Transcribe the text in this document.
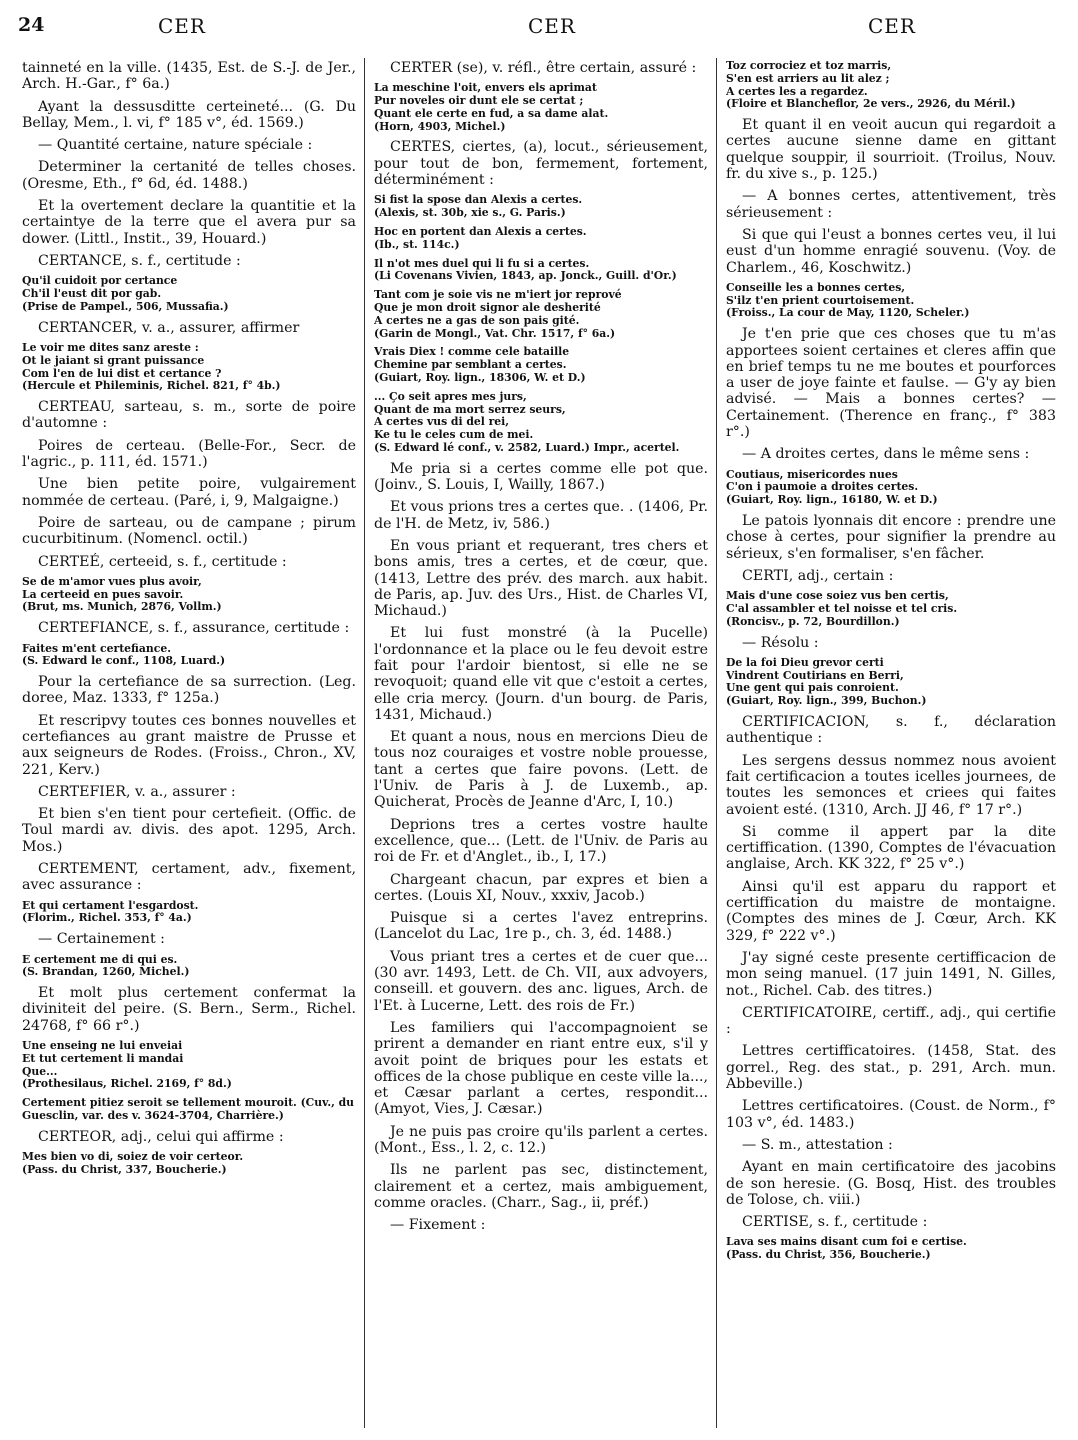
24	CER	CER	CER

tainneté en la ville. (1435, Est. de S.-J. de Jer., Arch. H.-Gar., f° 6a.)

Ayant la dessusditte certeineté... (G. Du Bellay, Mem., l. vi, f° 185 v°, éd. 1569.)

— Quantité certaine, nature spéciale :

Determiner la certanité de telles choses. (Oresme, Eth., f° 6d, éd. 1488.)

Et la overtement declare la quantitie et la certaintye de la terre que el avera pur sa dower. (Littl., Instit., 39, Houard.)

CERTANCE, s. f., certitude :

Qu'il cuidoit por certance
Ch'il l'eust dit por gab.
(Prise de Pampel., 506, Mussafia.)

CERTANCER, v. a., assurer, affirmer

Le voir me dites sanz areste :
Ot le jaiant si grant puissance
Com l'en de lui dist et certance ?
(Hercule et Phileminis, Richel. 821, f° 4b.)

CERTEAU, sarteau, s. m., sorte de poire d'automne :

Poires de certeau. (Belle-For., Secr. de l'agric., p. 111, éd. 1571.)

Une bien petite poire, vulgairement nommée de certeau. (Paré, i, 9, Malgaigne.)

Poire de sarteau, ou de campane ; pirum cucurbitinum. (Nomencl. octil.)

CERTEÉ, certeeid, s. f., certitude :

Se de m'amor vues plus avoir,
La certeeid en pues savoir.
(Brut, ms. Munich, 2876, Vollm.)

CERTEFIANCE, s. f., assurance, certitude :

Faites m'ent certefiance.
(S. Edward le conf., 1108, Luard.)

Pour la certefiance de sa surrection. (Leg. doree, Maz. 1333, f° 125a.)

Et rescripvy toutes ces bonnes nouvelles et certefiances au grant maistre de Prusse et aux seigneurs de Rodes. (Froiss., Chron., XV, 221, Kerv.)

CERTEFIER, v. a., assurer :

Et bien s'en tient pour certefieit. (Offic. de Toul mardi av. divis. des apot. 1295, Arch. Mos.)

CERTEMENT, certament, adv., fixement, avec assurance :

Et qui certament l'esgardost.
(Florim., Richel. 353, f° 4a.)

— Certainement :

E certement me di qui es.
(S. Brandan, 1260, Michel.)

Et molt plus certement confermat la diviniteit del peire. (S. Bern., Serm., Richel. 24768, f° 66 r°.)

Une enseing ne lui enveiai
Et tut certement li mandai
Que...
(Prothesilaus, Richel. 2169, f° 8d.)

Certement pitiez seroit se tellement mouroit. (Cuv., du Guesclin, var. des v. 3624-3704, Charrière.)

CERTEOR, adj., celui qui affirme :

Mes bien vo di, soiez de voir certeor.
(Pass. du Christ, 337, Boucherie.)

CERTER (se), v. réfl., être certain, assuré :

La meschine l'oit, envers els aprimat
Pur noveles oir dunt ele se certat ;
Quant ele certe en fud, a sa dame alat.
(Horn, 4903, Michel.)

CERTES, ciertes, (a), locut., sérieusement, pour tout de bon, fermement, fortement, déterminément :

Si fist la spose dan Alexis a certes.
(Alexis, st. 30b, xie s., G. Paris.)

Hoc en portent dan Alexis a certes.
(Ib., st. 114c.)

Il n'ot mes duel qui li fu si a certes.
(Li Covenans Vivien, 1843, ap. Jonck., Guill. d'Or.)

Tant com je soie vis ne m'iert jor reprové
Que je mon droit signor ale desherité
A certes ne a gas de son pais gité.
(Garin de Mongl., Vat. Chr. 1517, f° 6a.)

Vrais Diex ! comme cele bataille
Chemine par semblant a certes.
(Guiart, Roy. lign., 18306, W. et D.)

... Ço seit apres mes jurs,
Quant de ma mort serrez seurs,
A certes vus di del rei,
Ke tu le celes cum de mei.
(S. Edward lé conf., v. 2582, Luard.) Impr., acertel.

Me pria si a certes comme elle pot que. (Joinv., S. Louis, I, Wailly, 1867.)

Et vous prions tres a certes que. . (1406, Pr. de l'H. de Metz, iv, 586.)

En vous priant et requerant, tres chers et bons amis, tres a certes, et de cœur, que. (1413, Lettre des prév. des march. aux habit. de Paris, ap. Juv. des Urs., Hist. de Charles VI, Michaud.)

Et lui fust monstré (à la Pucelle) l'ordonnance et la place ou le feu devoit estre fait pour l'ardoir bientost, si elle ne se revoquoit; quand elle vit que c'estoit a certes, elle cria mercy. (Journ. d'un bourg. de Paris, 1431, Michaud.)

Et quant a nous, nous en mercions Dieu de tous noz couraiges et vostre noble prouesse, tant a certes que faire povons. (Lett. de l'Univ. de Paris à J. de Luxemb., ap. Quicherat, Procès de Jeanne d'Arc, I, 10.)

Deprions tres a certes vostre haulte excellence, que... (Lett. de l'Univ. de Paris au roi de Fr. et d'Anglet., ib., I, 17.)

Chargeant chacun, par expres et bien a certes. (Louis XI, Nouv., xxxiv, Jacob.)

Puisque si a certes l'avez entreprins. (Lancelot du Lac, 1re p., ch. 3, éd. 1488.)

Vous priant tres a certes et de cuer que... (30 avr. 1493, Lett. de Ch. VII, aux advoyers, conseill. et gouvern. des anc. ligues, Arch. de l'Et. à Lucerne, Lett. des rois de Fr.)

Les familiers qui l'accompagnoient se prirent a demander en riant entre eux, s'il y avoit point de briques pour les estats et offices de la chose publique en ceste ville la..., et Cæsar parlant a certes, respondit... (Amyot, Vies, J. Cæsar.)

Je ne puis pas croire qu'ils parlent a certes. (Mont., Ess., l. 2, c. 12.)

Ils ne parlent pas sec, distinctement, clairement et a certez, mais ambiguement, comme oracles. (Charr., Sag., ii, préf.)

— Fixement :

Toz corrociez et toz marris,
S'en est arriers au lit alez ;
A certes les a regardez.
(Floire et Blancheflor, 2e vers., 2926, du Méril.)

Et quant il en veoit aucun qui regardoit a certes aucune sienne dame en gittant quelque souppir, il sourrioit. (Troilus, Nouv. fr. du xive s., p. 125.)

— A bonnes certes, attentivement, très sérieusement :

Si que qui l'eust a bonnes certes veu, il lui eust d'un homme enragié souvenu. (Voy. de Charlem., 46, Koschwitz.)

Conseille les a bonnes certes,
S'ilz t'en prient courtoisement.
(Froiss., La cour de May, 1120, Scheler.)

Je t'en prie que ces choses que tu m'as apportees soient certaines et cleres affin que en brief temps tu ne me boutes et pourforces a user de joye fainte et faulse. — G'y ay bien advisé. — Mais a bonnes certes? — Certainement. (Therence en franç., f° 383 r°.)

— A droites certes, dans le même sens :

Coutiaus, misericordes nues
C'on i paumoie a droites certes.
(Guiart, Roy. lign., 16180, W. et D.)

Le patois lyonnais dit encore : prendre une chose à certes, pour signifier la prendre au sérieux, s'en formaliser, s'en fâcher.

CERTI, adj., certain :

Mais d'une cose soiez vus ben certis,
C'al assambler et tel noisse et tel cris.
(Roncisv., p. 72, Bourdillon.)

— Résolu :

De la foi Dieu grevor certi
Vindrent Coutirians en Berri,
Une gent qui pais conroient.
(Guiart, Roy. lign., 399, Buchon.)

CERTIFICACION, s. f., déclaration authentique :

Les sergens dessus nommez nous avoient fait certificacion a toutes icelles journees, de toutes les semonces et criees qui faites avoient esté. (1310, Arch. JJ 46, f° 17 r°.)

Si comme il appert par la dite certiffication. (1390, Comptes de l'évacuation anglaise, Arch. KK 322, f° 25 v°.)

Ainsi qu'il est apparu du rapport et certiffication du maistre de montaigne. (Comptes des mines de J. Cœur, Arch. KK 329, f° 222 v°.)

J'ay signé ceste presente certifficacion de mon seing manuel. (17 juin 1491, N. Gilles, not., Richel. Cab. des titres.)

CERTIFICATOIRE, certiff., adj., qui certifie :

Lettres certifficatoires. (1458, Stat. des gorrel., Reg. des stat., p. 291, Arch. mun. Abbeville.)

Lettres certificatoires. (Coust. de Norm., f° 103 v°, éd. 1483.)

— S. m., attestation :

Ayant en main certificatoire des jacobins de son heresie. (G. Bosq, Hist. des troubles de Tolose, ch. viii.)

CERTISE, s. f., certitude :

Lava ses mains disant cum foi e certise.
(Pass. du Christ, 356, Boucherie.)
